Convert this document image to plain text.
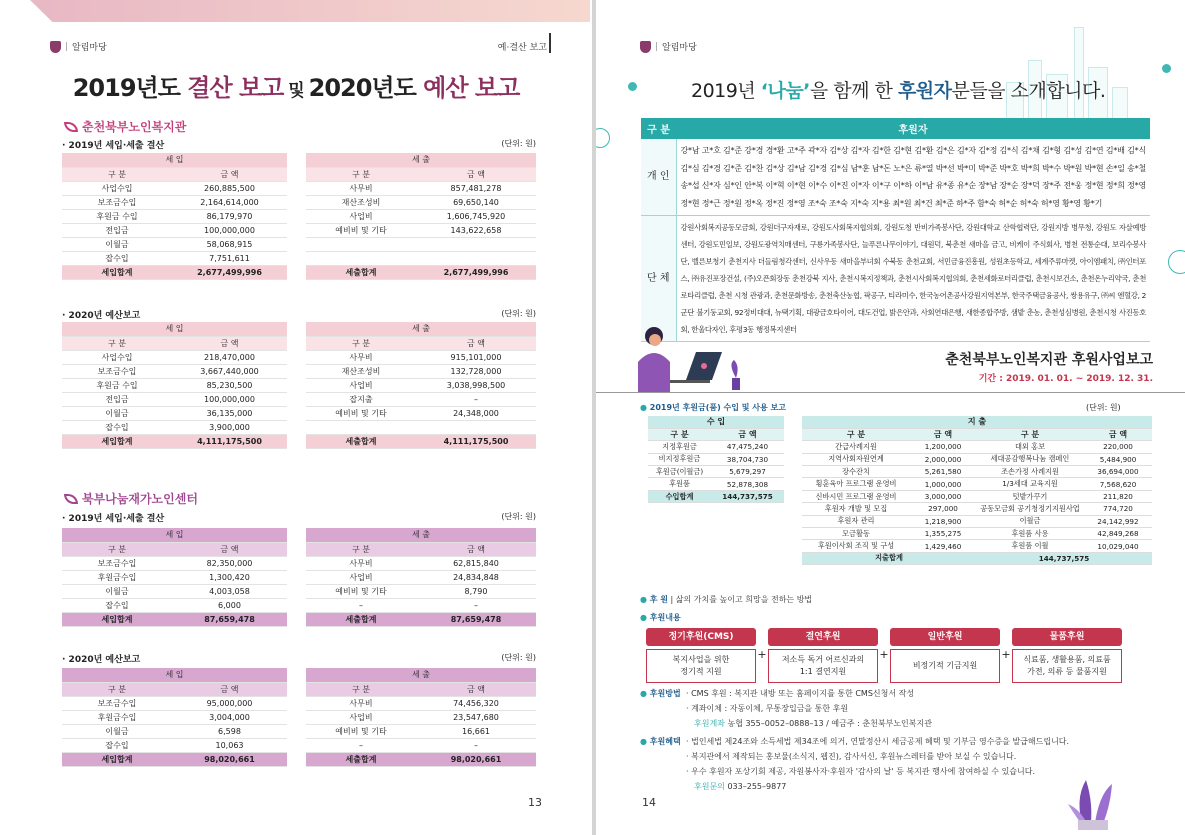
| 알림마당	예·결산 보고
2019년도 결산 보고 및 2020년도 예산 보고
춘천북부노인복지관
· 2019년 세입·세출 결산	(단위: 원)
세 입	
구 분	금 액
사업수입	260,885,500
보조금수입	2,164,614,000
후원금 수입	86,179,970
전입금	100,000,000
이월금	58,068,915
잡수입	7,751,611
세입합계	2,677,499,996
세 출	
구 분	금 액
사무비	857,481,278
재산조성비	69,650,140
사업비	1,606,745,920
예비비 및 기타	143,622,658

세출합계	2,677,499,996
· 2020년 예산보고	(단위: 원)
세 입	
구 분	금 액
사업수입	218,470,000
보조금수입	3,667,440,000
후원금 수입	85,230,500
전입금	100,000,000
이월금	36,135,000
잡수입	3,900,000
세입합계	4,111,175,500
세 출	
구 분	금 액
사무비	915,101,000
재산조성비	132,728,000
사업비	3,038,998,500
잡지출	–
예비비 및 기타	24,348,000

세출합계	4,111,175,500
북부나눔재가노인센터
· 2019년 세입·세출 결산	(단위: 원)
세 입	
구 분	금 액
보조금수입	82,350,000
후원금수입	1,300,420
이월금	4,003,058
잡수입	6,000
세입합계	87,659,478
세 출	
구 분	금 액
사무비	62,815,840
사업비	24,834,848
예비비 및 기타	8,790
–	–
세출합계	87,659,478
· 2020년 예산보고	(단위: 원)
세 입	
구 분	금 액
보조금수입	95,000,000
후원금수입	3,004,000
이월금	6,598
잡수입	10,063
세입합계	98,020,661
세 출	
구 분	금 액
사무비	74,456,320
사업비	23,547,680
예비비 및 기타	16,661
–	–
세출합계	98,020,661
13
| 알림마당
2019년 ‘나눔’을 함께 한 후원자분들을 소개합니다.
구 분	후원자
개 인	강*남 고*호 김*준 강*경 경*환 고*주 곽*자 김*상 김*자 김*한 김*현 김*환 김*은 김*자 김*정 김*식 김*채 김*형 김*성 김*연 김*배 김*식 김*심 김*경 김*준 김*찬 김*상 김*남 김*경 김*심 남*훈 남*돈 노*은 류*열 박*선 박*미 박*준 박*호 박*희 박*수 박*원 박*현 손*일 송*철 송*섭 신*자 심*인 안*복 이*혁 이*현 이*수 이*진 이*자 이*구 이*하 이*남 유*종 유*순 장*남 장*순 장*덕 장*주 전*웅 정*현 정*희 정*영 정*현 정*근 정*원 정*옥 정*진 정*영 조*숙 조*숙 지*숙 지*용 최*원 최*건 최*준 하*주 함*숙 허*순 허*숙 허*영 황*영 황*기
단 체	강원사회복지공동모금회, 강원더구자재로, 강원도사회복지협의회, 강원도청 반비가족봉사단, 강원대학교 산학협력단, 강원지방 병무청, 강원도 자살예방센터, 강원도민일보, 강원도광역치매센터, 구룡가족봉사단, 늘푸른나무이야기, 대원덕, 북춘천 새마을 금고, 비케이 주식회사, 병천 전통순대, 보리수봉사단, 벨른보청기 춘천지사 더들림청각센터, 신사우동 새마을부녀회 수북동 춘천교회, 서민금융진흥원, 성원초등학교, 세계주류마켓, 아이엠패치, ㈜인터포스, ㈜유진포장건설, (주)오픈회장동 춘천강북 지사, 춘천시복지정책과, 춘천시사회복지협의회, 춘천세화로터리클럽, 춘천시보건소, 춘천온누리약국, 춘천로타리클럽, 춘천 시청 관광과, 춘천문화방송, 춘천축산농협, 팍공구, 티라미수, 한국농어촌공사강원지역본부, 한국주택금융공사, 쌍용유구, ㈜씨 엔혈강, 2군단 불기둥교회, 92정비대대, 뉴택기획, 대광금호타이어, 대도건업, 밝은안과, 사회연대은행, 새한종합주방, 샘밭 춘농, 춘천성심병원, 춘천시청 사진동호회, 한울다자인, 후평3동 행정복지센터
춘천북부노인복지관 후원사업보고
기간 : 2019. 01. 01. ~ 2019. 12. 31.
● 2019년 후원금(품) 수입 및 사용 보고	(단위: 원)
수 입	
구 분	금 액
지정후원금	47,475,240
비지정후원금	38,704,730
후원금(이월금)	5,679,297
후원품	52,878,308
수입합계	144,737,575
지 출			
구 분	금 액	구 분	금 액
간급사례지원	1,200,000	대외 홍보	220,000
지역사회자원연계	2,000,000	세대공감행복나눔 캠페인	5,484,900
장수잔치	5,261,580	조손가정 사례지원	36,694,000
횡훈육아 프로그램 운영비	1,000,000	1/3세대 교육지원	7,568,620
신바시민 프로그램 운영비	3,000,000	텃밭가꾸기	211,820
후원자 개발 및 모집	297,000	공동모금회 공기청정기지원사업	774,720
후원자 관리	1,218,900	이월금	24,142,992
모금활동	1,355,275	후원품 사용	42,849,268
후원이사회 조직 및 구성	1,429,460	후원품 이월	10,029,040
지출합계		144,737,575	
● 후 원 | 삶의 가치를 높이고 희망을 전하는 방법
● 후원내용
정기후원(CMS)
복지사업을 위한
정기적 지원
+
결연후원
저소득 독거 어르신과의
1:1 결연지원
+
일반후원
비정기적 기금지원
+
물품후원
식료품, 생활용품, 의료품
가전, 의류 등 물품지원
● 후원방법 · CMS 후원 : 복지관 내방 또는 홈페이지를 통한 CMS신청서 작성
· 계좌이체 : 자동이체, 무통장입금을 통한 후원
후원계좌 농협 355–0052–0888–13 / 예금주 : 춘천북부노인복지관
● 후원혜택 · 법인세법 제24조와 소득세법 제34조에 의거, 연말정산시 세금공제 혜택 및 기부금 영수증을 발급해드립니다.
· 복지관에서 제작되는 홍보물(소식지, 웹진), 감사서신, 후원뉴스레터를 받아 보실 수 있습니다.
· 우수 후원자 포상기회 제공, 자원봉사자·후원자 '감사의 날' 등 복지관 행사에 참여하실 수 있습니다.
후원문의 033–255–9877
14
